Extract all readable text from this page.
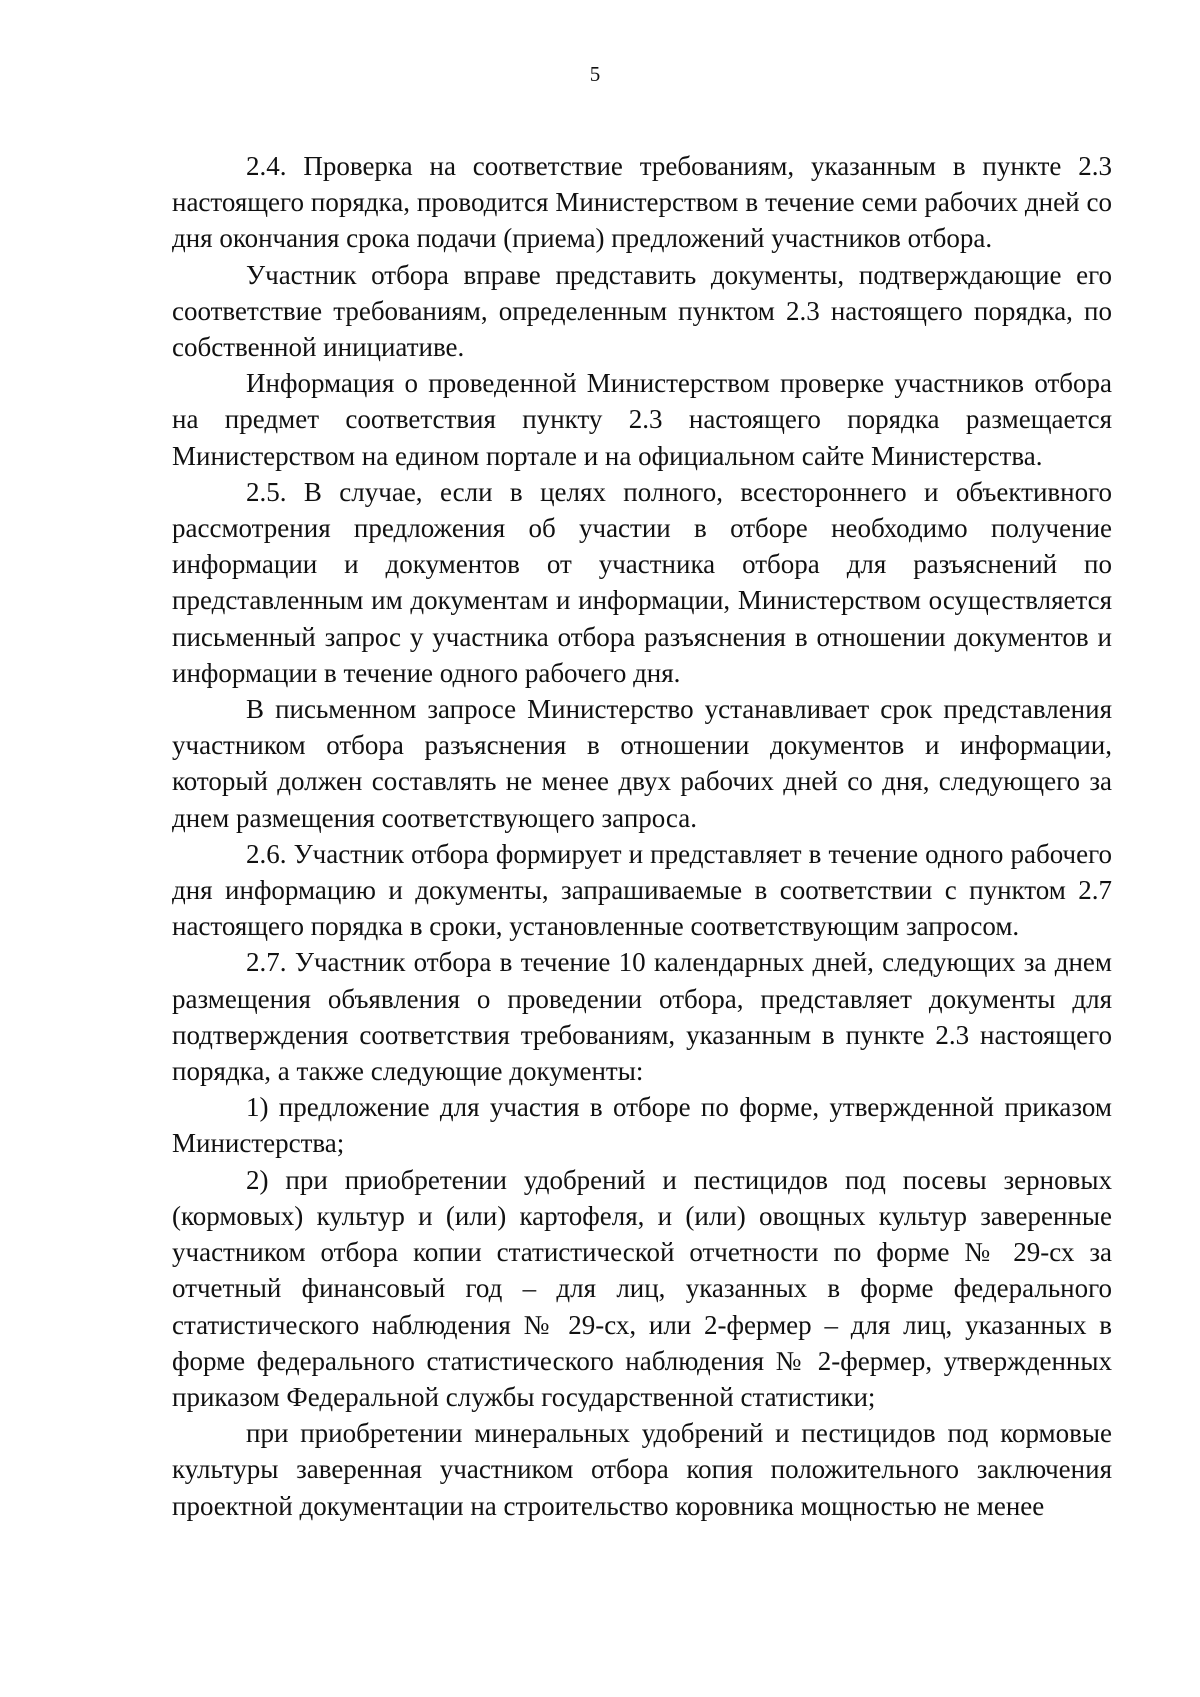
5

2.4. Проверка на соответствие требованиям, указанным в пункте 2.3 настоящего порядка, проводится Министерством в течение семи рабочих дней со дня окончания срока подачи (приема) предложений участников отбора.

Участник отбора вправе представить документы, подтверждающие его соответствие требованиям, определенным пунктом 2.3 настоящего порядка, по собственной инициативе.

Информация о проведенной Министерством проверке участников отбора на предмет соответствия пункту 2.3 настоящего порядка размещается Министерством на едином портале и на официальном сайте Министерства.

2.5. В случае, если в целях полного, всестороннего и объективного рассмотрения предложения об участии в отборе необходимо получение информации и документов от участника отбора для разъяснений по представленным им документам и информации, Министерством осуществляется письменный запрос у участника отбора разъяснения в отношении документов и информации в течение одного рабочего дня.

В письменном запросе Министерство устанавливает срок представления участником отбора разъяснения в отношении документов и информации, который должен составлять не менее двух рабочих дней со дня, следующего за днем размещения соответствующего запроса.

2.6. Участник отбора формирует и представляет в течение одного рабочего дня информацию и документы, запрашиваемые в соответствии с пунктом 2.7 настоящего порядка в сроки, установленные соответствующим запросом.

2.7. Участник отбора в течение 10 календарных дней, следующих за днем размещения объявления о проведении отбора, представляет документы для подтверждения соответствия требованиям, указанным в пункте 2.3 настоящего порядка, а также следующие документы:

1) предложение для участия в отборе по форме, утвержденной приказом Министерства;

2) при приобретении удобрений и пестицидов под посевы зерновых (кормовых) культур и (или) картофеля, и (или) овощных культур заверенные участником отбора копии статистической отчетности по форме № 29-сх за отчетный финансовый год – для лиц, указанных в форме федерального статистического наблюдения № 29-сх, или 2-фермер – для лиц, указанных в форме федерального статистического наблюдения № 2-фермер, утвержденных приказом Федеральной службы государственной статистики;

при приобретении минеральных удобрений и пестицидов под кормовые культуры заверенная участником отбора копия положительного заключения проектной документации на строительство коровника мощностью не менее
